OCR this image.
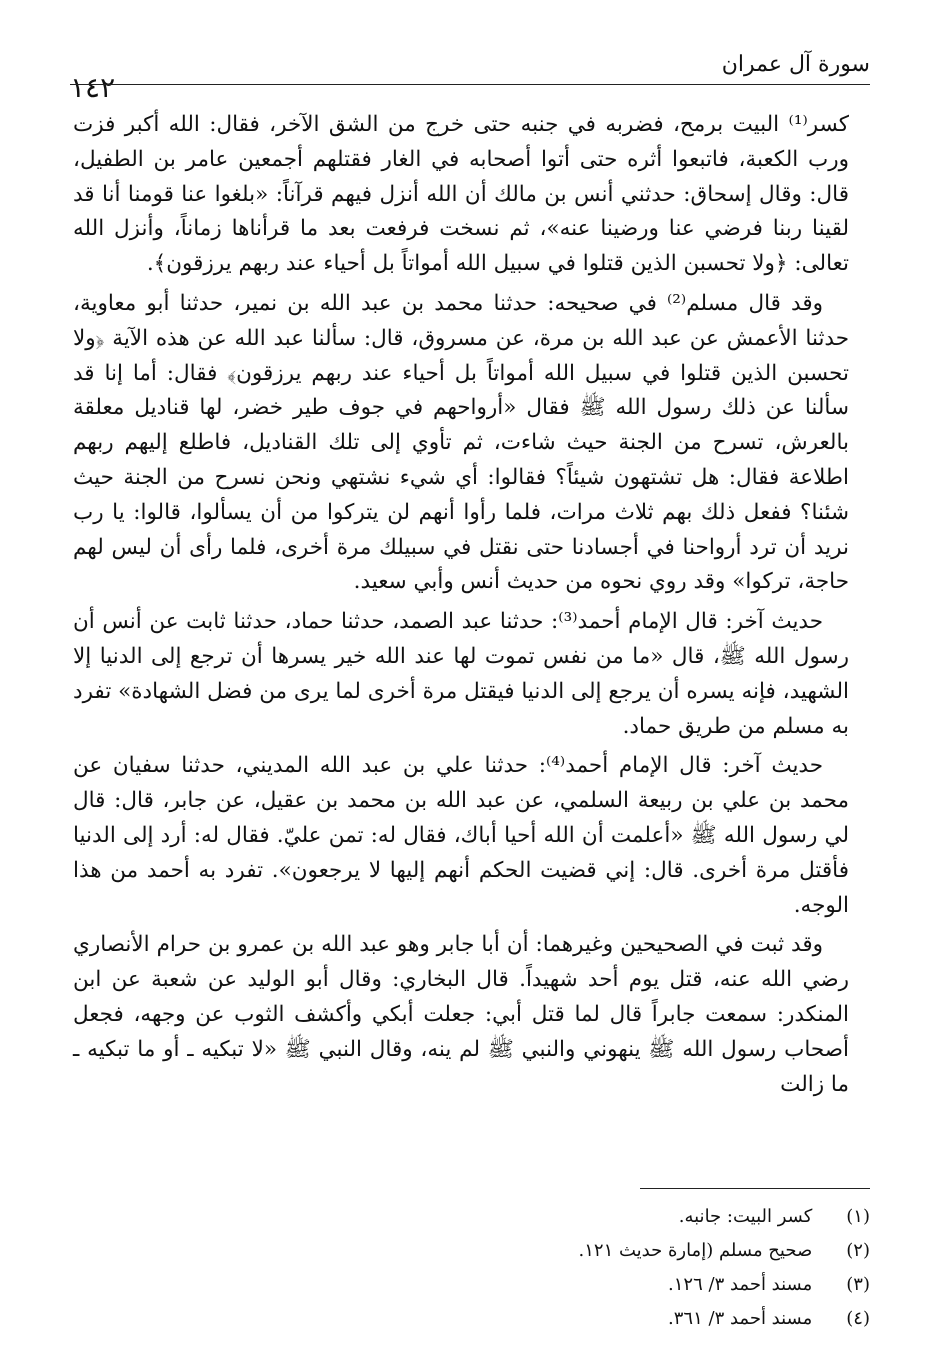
١٤٢
سورة آل عمران

كسر⁽¹⁾ البيت برمح، فضربه في جنبه حتى خرج من الشق الآخر، فقال: الله أكبر فزت ورب الكعبة، فاتبعوا أثره حتى أتوا أصحابه في الغار فقتلهم أجمعين عامر بن الطفيل، قال: وقال إسحاق: حدثني أنس بن مالك أن الله أنزل فيهم قرآناً: «بلغوا عنا قومنا أنا قد لقينا ربنا فرضي عنا ورضينا عنه»، ثم نسخت فرفعت بعد ما قرأناها زماناً، وأنزل الله تعالى: ﴿ولا تحسبن الذين قتلوا في سبيل الله أمواتاً بل أحياء عند ربهم يرزقون﴾.

وقد قال مسلم⁽²⁾ في صحيحه: حدثنا محمد بن عبد الله بن نمير، حدثنا أبو معاوية، حدثنا الأعمش عن عبد الله بن مرة، عن مسروق، قال: سألنا عبد الله عن هذه الآية ﴿ولا تحسبن الذين قتلوا في سبيل الله أمواتاً بل أحياء عند ربهم يرزقون﴾ فقال: أما إنا قد سألنا عن ذلك رسول الله ﷺ فقال «أرواحهم في جوف طير خضر، لها قناديل معلقة بالعرش، تسرح من الجنة حيث شاءت، ثم تأوي إلى تلك القناديل، فاطلع إليهم ربهم اطلاعة فقال: هل تشتهون شيئاً؟ فقالوا: أي شيء نشتهي ونحن نسرح من الجنة حيث شئنا؟ ففعل ذلك بهم ثلاث مرات، فلما رأوا أنهم لن يتركوا من أن يسألوا، قالوا: يا رب نريد أن ترد أرواحنا في أجسادنا حتى نقتل في سبيلك مرة أخرى، فلما رأى أن ليس لهم حاجة، تركوا» وقد روي نحوه من حديث أنس وأبي سعيد.

حديث آخر: قال الإمام أحمد⁽³⁾: حدثنا عبد الصمد، حدثنا حماد، حدثنا ثابت عن أنس أن رسول الله ﷺ، قال «ما من نفس تموت لها عند الله خير يسرها أن ترجع إلى الدنيا إلا الشهيد، فإنه يسره أن يرجع إلى الدنيا فيقتل مرة أخرى لما يرى من فضل الشهادة» تفرد به مسلم من طريق حماد.

حديث آخر: قال الإمام أحمد⁽⁴⁾: حدثنا علي بن عبد الله المديني، حدثنا سفيان عن محمد بن علي بن ربيعة السلمي، عن عبد الله بن محمد بن عقيل، عن جابر، قال: قال لي رسول الله ﷺ «أعلمت أن الله أحيا أباك، فقال له: تمن عليّ. فقال له: أرد إلى الدنيا فأقتل مرة أخرى. قال: إني قضيت الحكم أنهم إليها لا يرجعون». تفرد به أحمد من هذا الوجه.

وقد ثبت في الصحيحين وغيرهما: أن أبا جابر وهو عبد الله بن عمرو بن حرام الأنصاري رضي الله عنه، قتل يوم أحد شهيداً. قال البخاري: وقال أبو الوليد عن شعبة عن ابن المنكدر: سمعت جابراً قال لما قتل أبي: جعلت أبكي وأكشف الثوب عن وجهه، فجعل أصحاب رسول الله ﷺ ينهوني والنبي ﷺ لم ينه، وقال النبي ﷺ «لا تبكيه ـ أو ما تبكيه ـ ما زالت

(١) كسر البيت: جانبه.
(٢) صحيح مسلم (إمارة حديث ١٢١.
(٣) مسند أحمد ٣/ ١٢٦.
(٤) مسند أحمد ٣/ ٣٦١.
